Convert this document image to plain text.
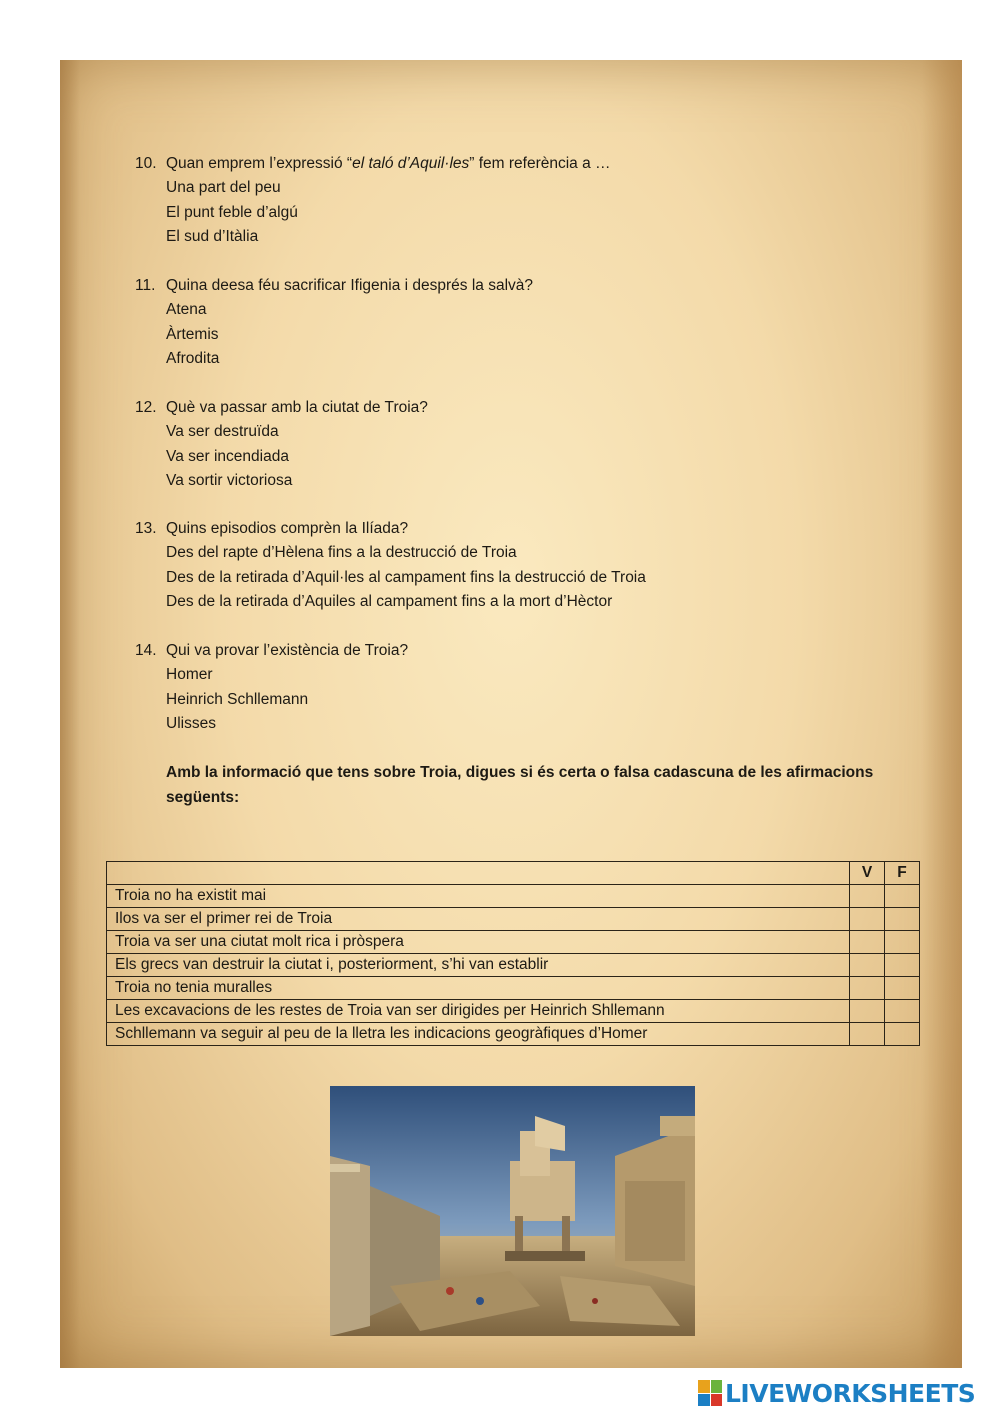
10. Quan emprem l’expressió “el taló d’Aquil·les” fem referència a …
Una part del peu
El punt feble d’algú
El sud d’Itàlia
11. Quina deesa féu sacrificar Ifigenia i després la salvà?
Atena
Àrtemis
Afrodita
12. Què va passar amb la ciutat de Troia?
Va ser destruïda
Va ser incendiada
Va sortir victoriosa
13. Quins episodios comprèn la Ilíada?
Des del rapte d’Hèlena fins a la destrucció de Troia
Des de la retirada d’Aquil·les al campament fins la destrucció de Troia
Des de la retirada d’Aquiles al campament fins a la mort d’Hèctor
14. Qui va provar l’existència de Troia?
Homer
Heinrich Schllemann
Ulisses
Amb la informació que tens sobre Troia, digues si és certa o falsa cadascuna de les afirmacions següents:
	V	F
Troia no ha existit mai		
Ilos va ser el primer rei de Troia		
Troia va ser una ciutat molt rica i pròspera		
Els grecs van destruir la ciutat i, posteriorment, s’hi van establir		
Troia no tenia muralles		
Les excavacions de les restes de Troia van ser dirigides per Heinrich Shllemann		
Schllemann va seguir al peu de la lletra les indicacions geogràfiques d’Homer		
LIVEWORKSHEETS
